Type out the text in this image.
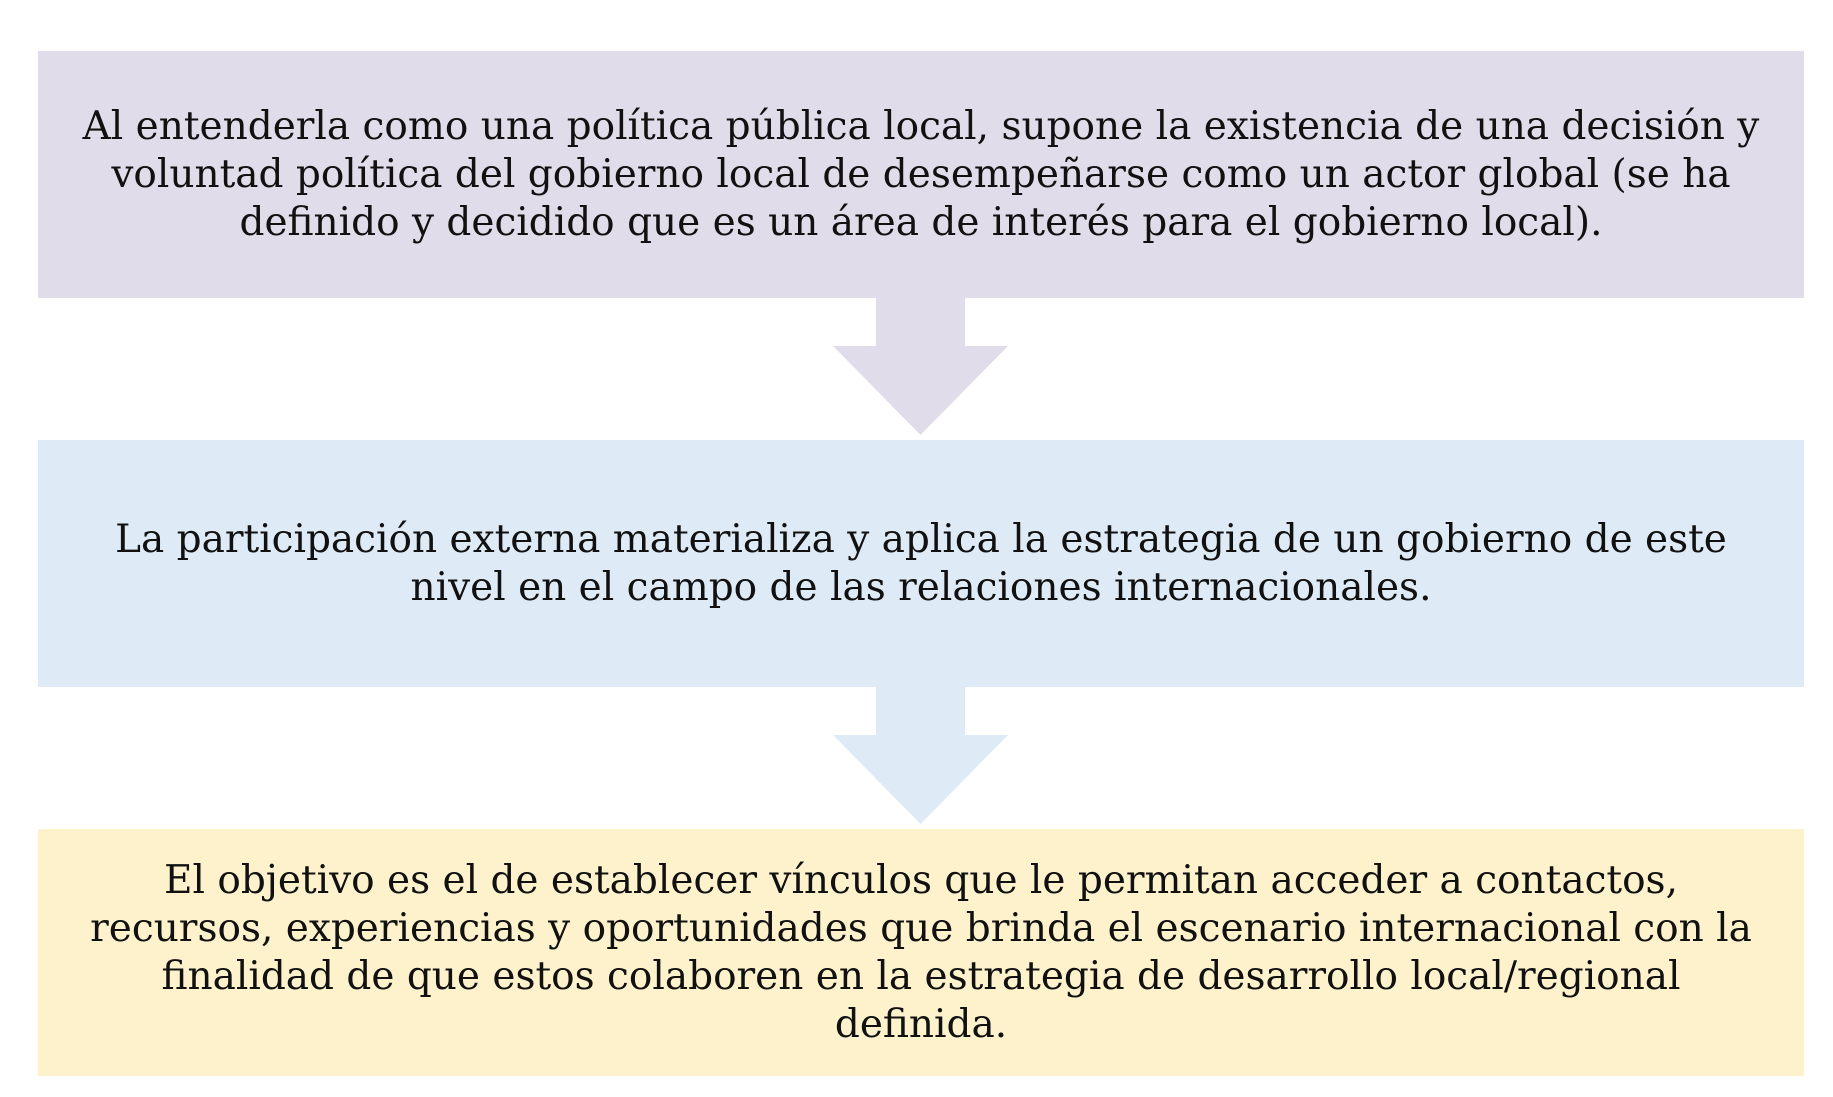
Al entenderla como una política pública local, supone la existencia de una decisión y voluntad política del gobierno local de desempeñarse como un actor global (se ha definido y decidido que es un área de interés para el gobierno local).

La participación externa materializa y aplica la estrategia de un gobierno de este nivel en el campo de las relaciones internacionales.

El objetivo es el de establecer vínculos que le permitan acceder a contactos, recursos, experiencias y oportunidades que brinda el escenario internacional con la finalidad de que estos colaboren en la estrategia de desarrollo local/regional definida.
